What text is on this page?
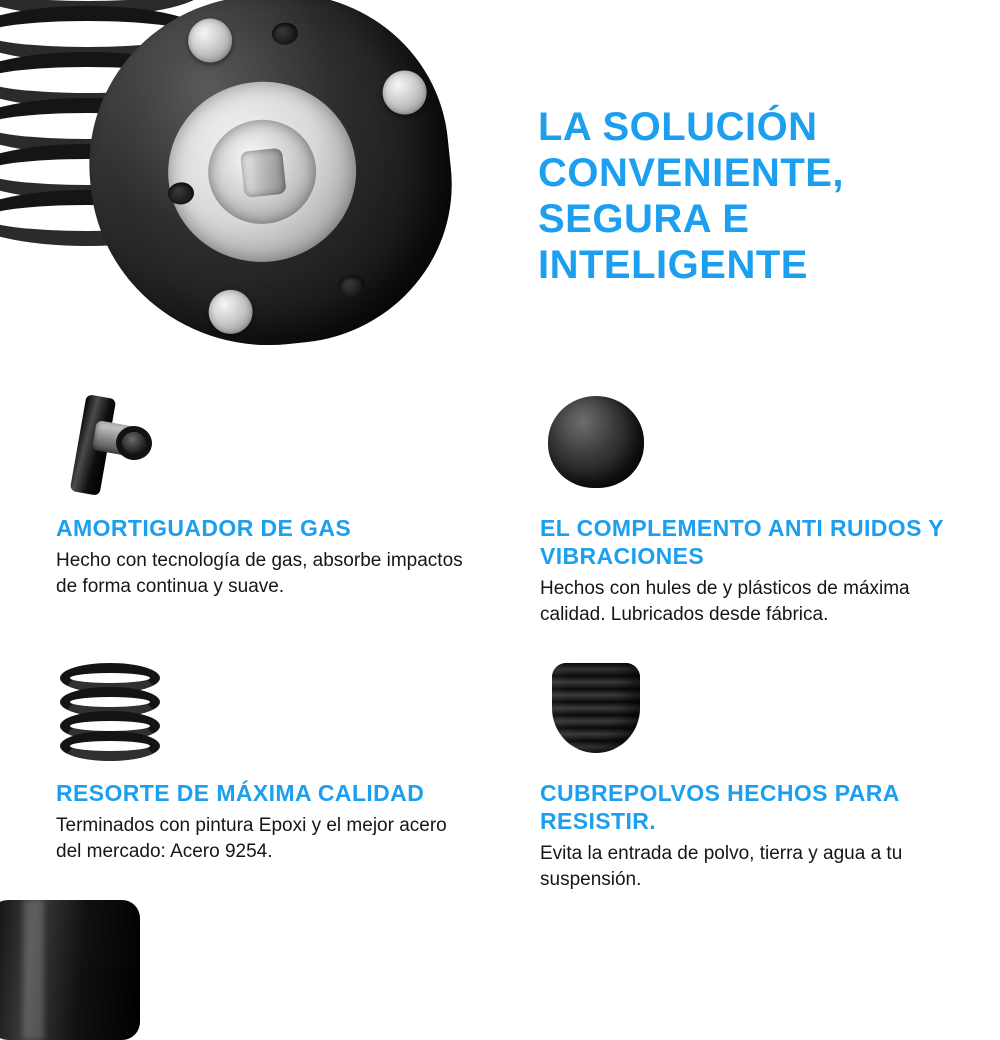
LA SOLUCIÓN CONVENIENTE, SEGURA E INTELIGENTE
AMORTIGUADOR DE GAS
Hecho con tecnología de gas, absorbe impactos de forma continua y suave.
EL COMPLEMENTO ANTI RUIDOS Y VIBRACIONES
Hechos con hules de y plásticos de máxima calidad. Lubricados desde fábrica.
RESORTE DE MÁXIMA CALIDAD
Terminados con pintura Epoxi y el mejor acero del mercado: Acero 9254.
CUBREPOLVOS HECHOS PARA RESISTIR.
Evita la entrada de polvo, tierra y agua a tu suspensión.
